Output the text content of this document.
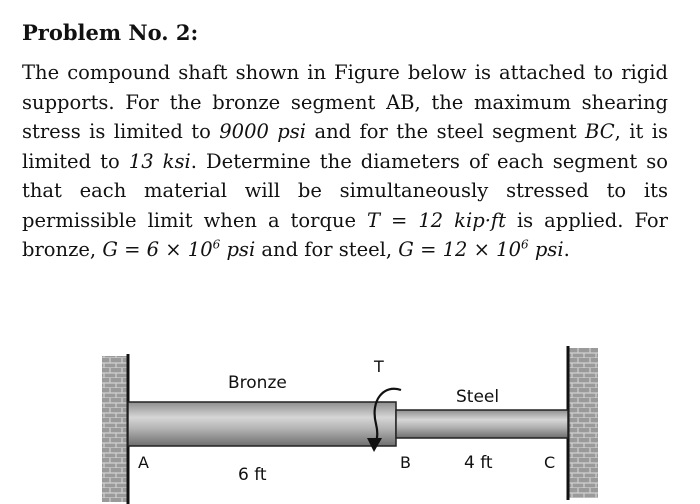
Problem No. 2:
The compound shaft shown in Figure below is attached to rigid supports. For the bronze segment AB, the maximum shearing stress is limited to 9000 psi and for the steel segment BC, it is limited to 13 ksi. Determine the diameters of each segment so that each material will be simultaneously stressed to its permissible limit when a torque T = 12 kip·ft is applied. For bronze, $G = 6 \times 10^6$ psi and for steel, $G = 12 \times 10^6$ psi.
Bronze
Steel
T
A	B	C
6 ft
4 ft
